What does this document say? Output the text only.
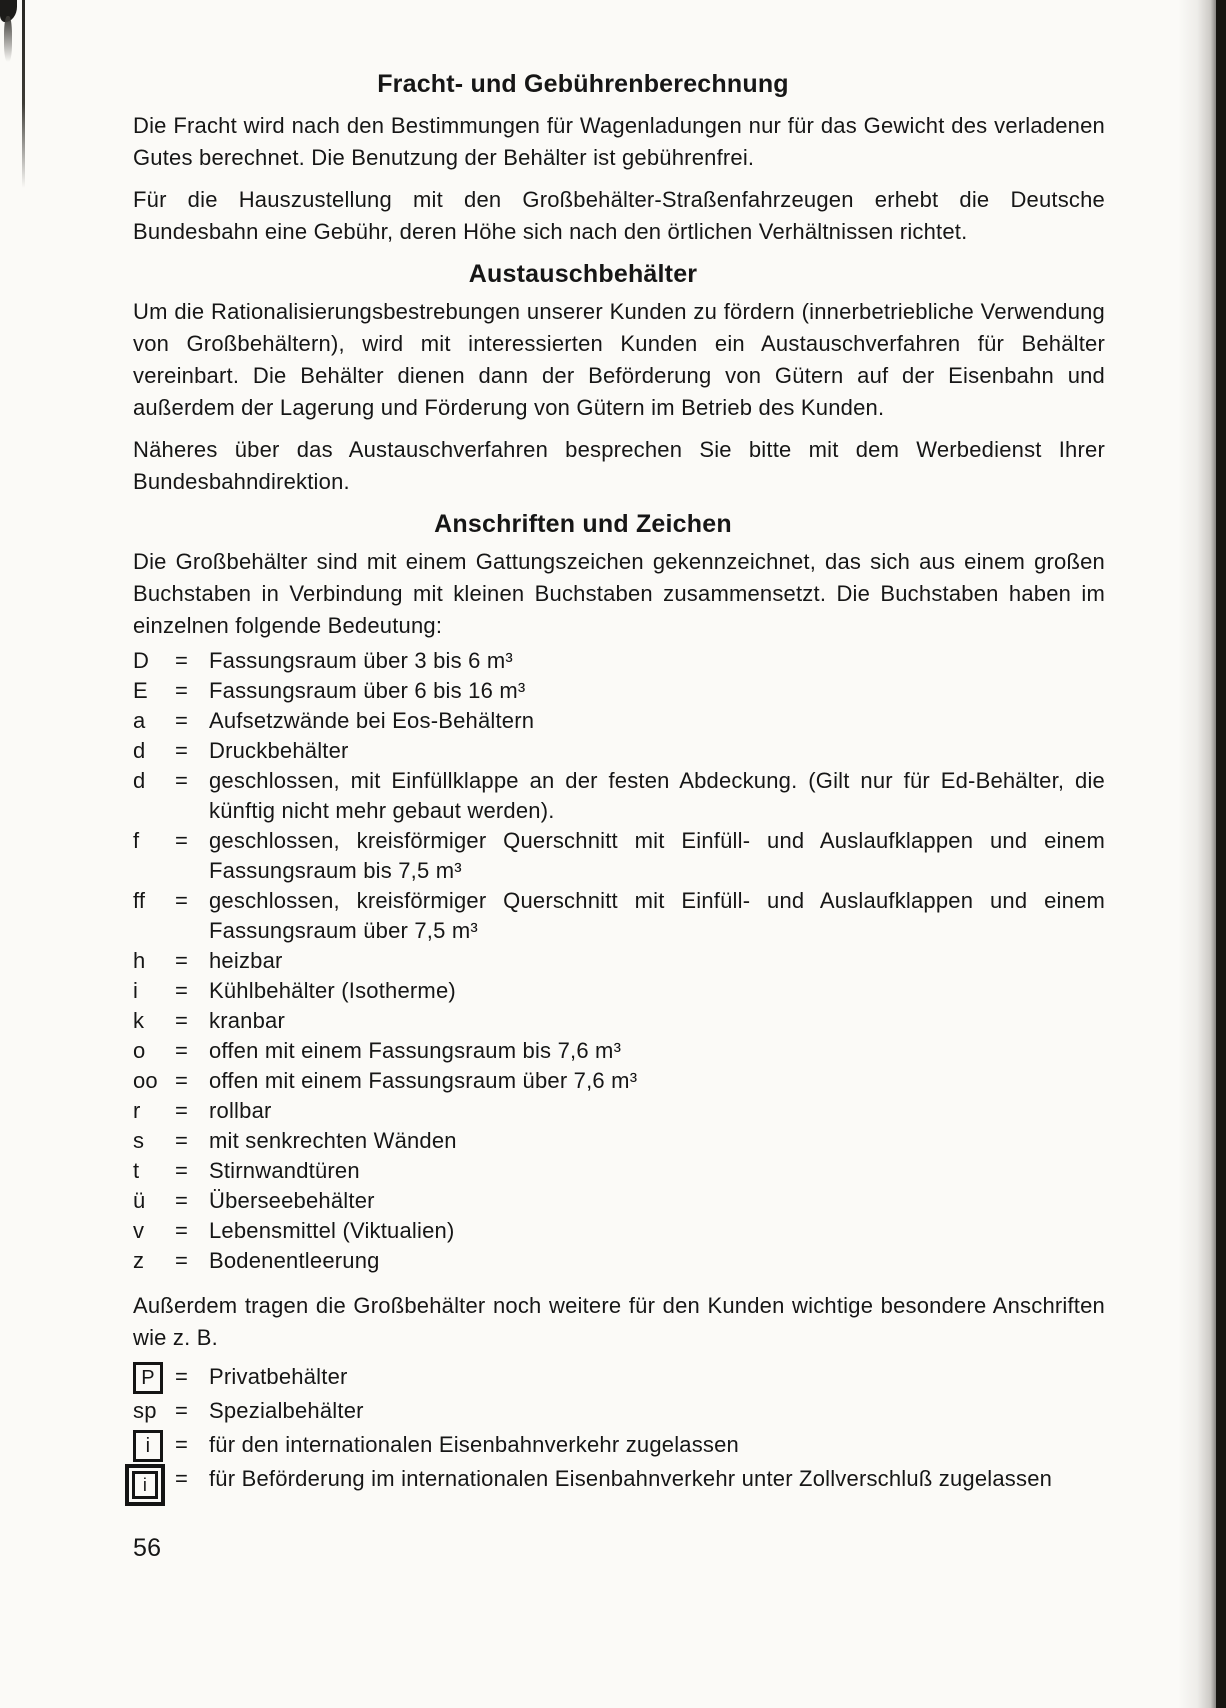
Fracht- und Gebührenberechnung

Die Fracht wird nach den Bestimmungen für Wagenladungen nur für das Gewicht des verladenen Gutes berechnet. Die Benutzung der Behälter ist gebührenfrei.

Für die Hauszustellung mit den Großbehälter-Straßenfahrzeugen erhebt die Deutsche Bundesbahn eine Gebühr, deren Höhe sich nach den örtlichen Verhältnissen richtet.

Austauschbehälter

Um die Rationalisierungsbestrebungen unserer Kunden zu fördern (innerbetriebliche Verwendung von Großbehältern), wird mit interessierten Kunden ein Austauschverfahren für Behälter vereinbart. Die Behälter dienen dann der Beförderung von Gütern auf der Eisenbahn und außerdem der Lagerung und Förderung von Gütern im Betrieb des Kunden.

Näheres über das Austauschverfahren besprechen Sie bitte mit dem Werbedienst Ihrer Bundesbahndirektion.

Anschriften und Zeichen

Die Großbehälter sind mit einem Gattungszeichen gekennzeichnet, das sich aus einem großen Buchstaben in Verbindung mit kleinen Buchstaben zusammensetzt. Die Buchstaben haben im einzelnen folgende Bedeutung:

D	= Fassungsraum über 3 bis 6 m³
E	= Fassungsraum über 6 bis 16 m³
a	= Aufsetzwände bei Eos-Behältern
d	= Druckbehälter
d	= geschlossen, mit Einfüllklappe an der festen Abdeckung. (Gilt nur für Ed-Behälter, die künftig nicht mehr gebaut werden).
f	= geschlossen, kreisförmiger Querschnitt mit Einfüll- und Auslaufklappen und einem Fassungsraum bis 7,5 m³
ff	= geschlossen, kreisförmiger Querschnitt mit Einfüll- und Auslaufklappen und einem Fassungsraum über 7,5 m³
h	= heizbar
i	= Kühlbehälter (Isotherme)
k	= kranbar
o	= offen mit einem Fassungsraum bis 7,6 m³
oo = offen mit einem Fassungsraum über 7,6 m³
r	= rollbar
s	= mit senkrechten Wänden
t	= Stirnwandtüren
ü	= Überseebehälter
v	= Lebensmittel (Viktualien)
z	= Bodenentleerung

Außerdem tragen die Großbehälter noch weitere für den Kunden wichtige besondere Anschriften wie z. B.

P = Privatbehälter
sp = Spezialbehälter
i = für den internationalen Eisenbahnverkehr zugelassen
i = für Beförderung im internationalen Eisenbahnverkehr unter Zollverschluß zugelassen
56
